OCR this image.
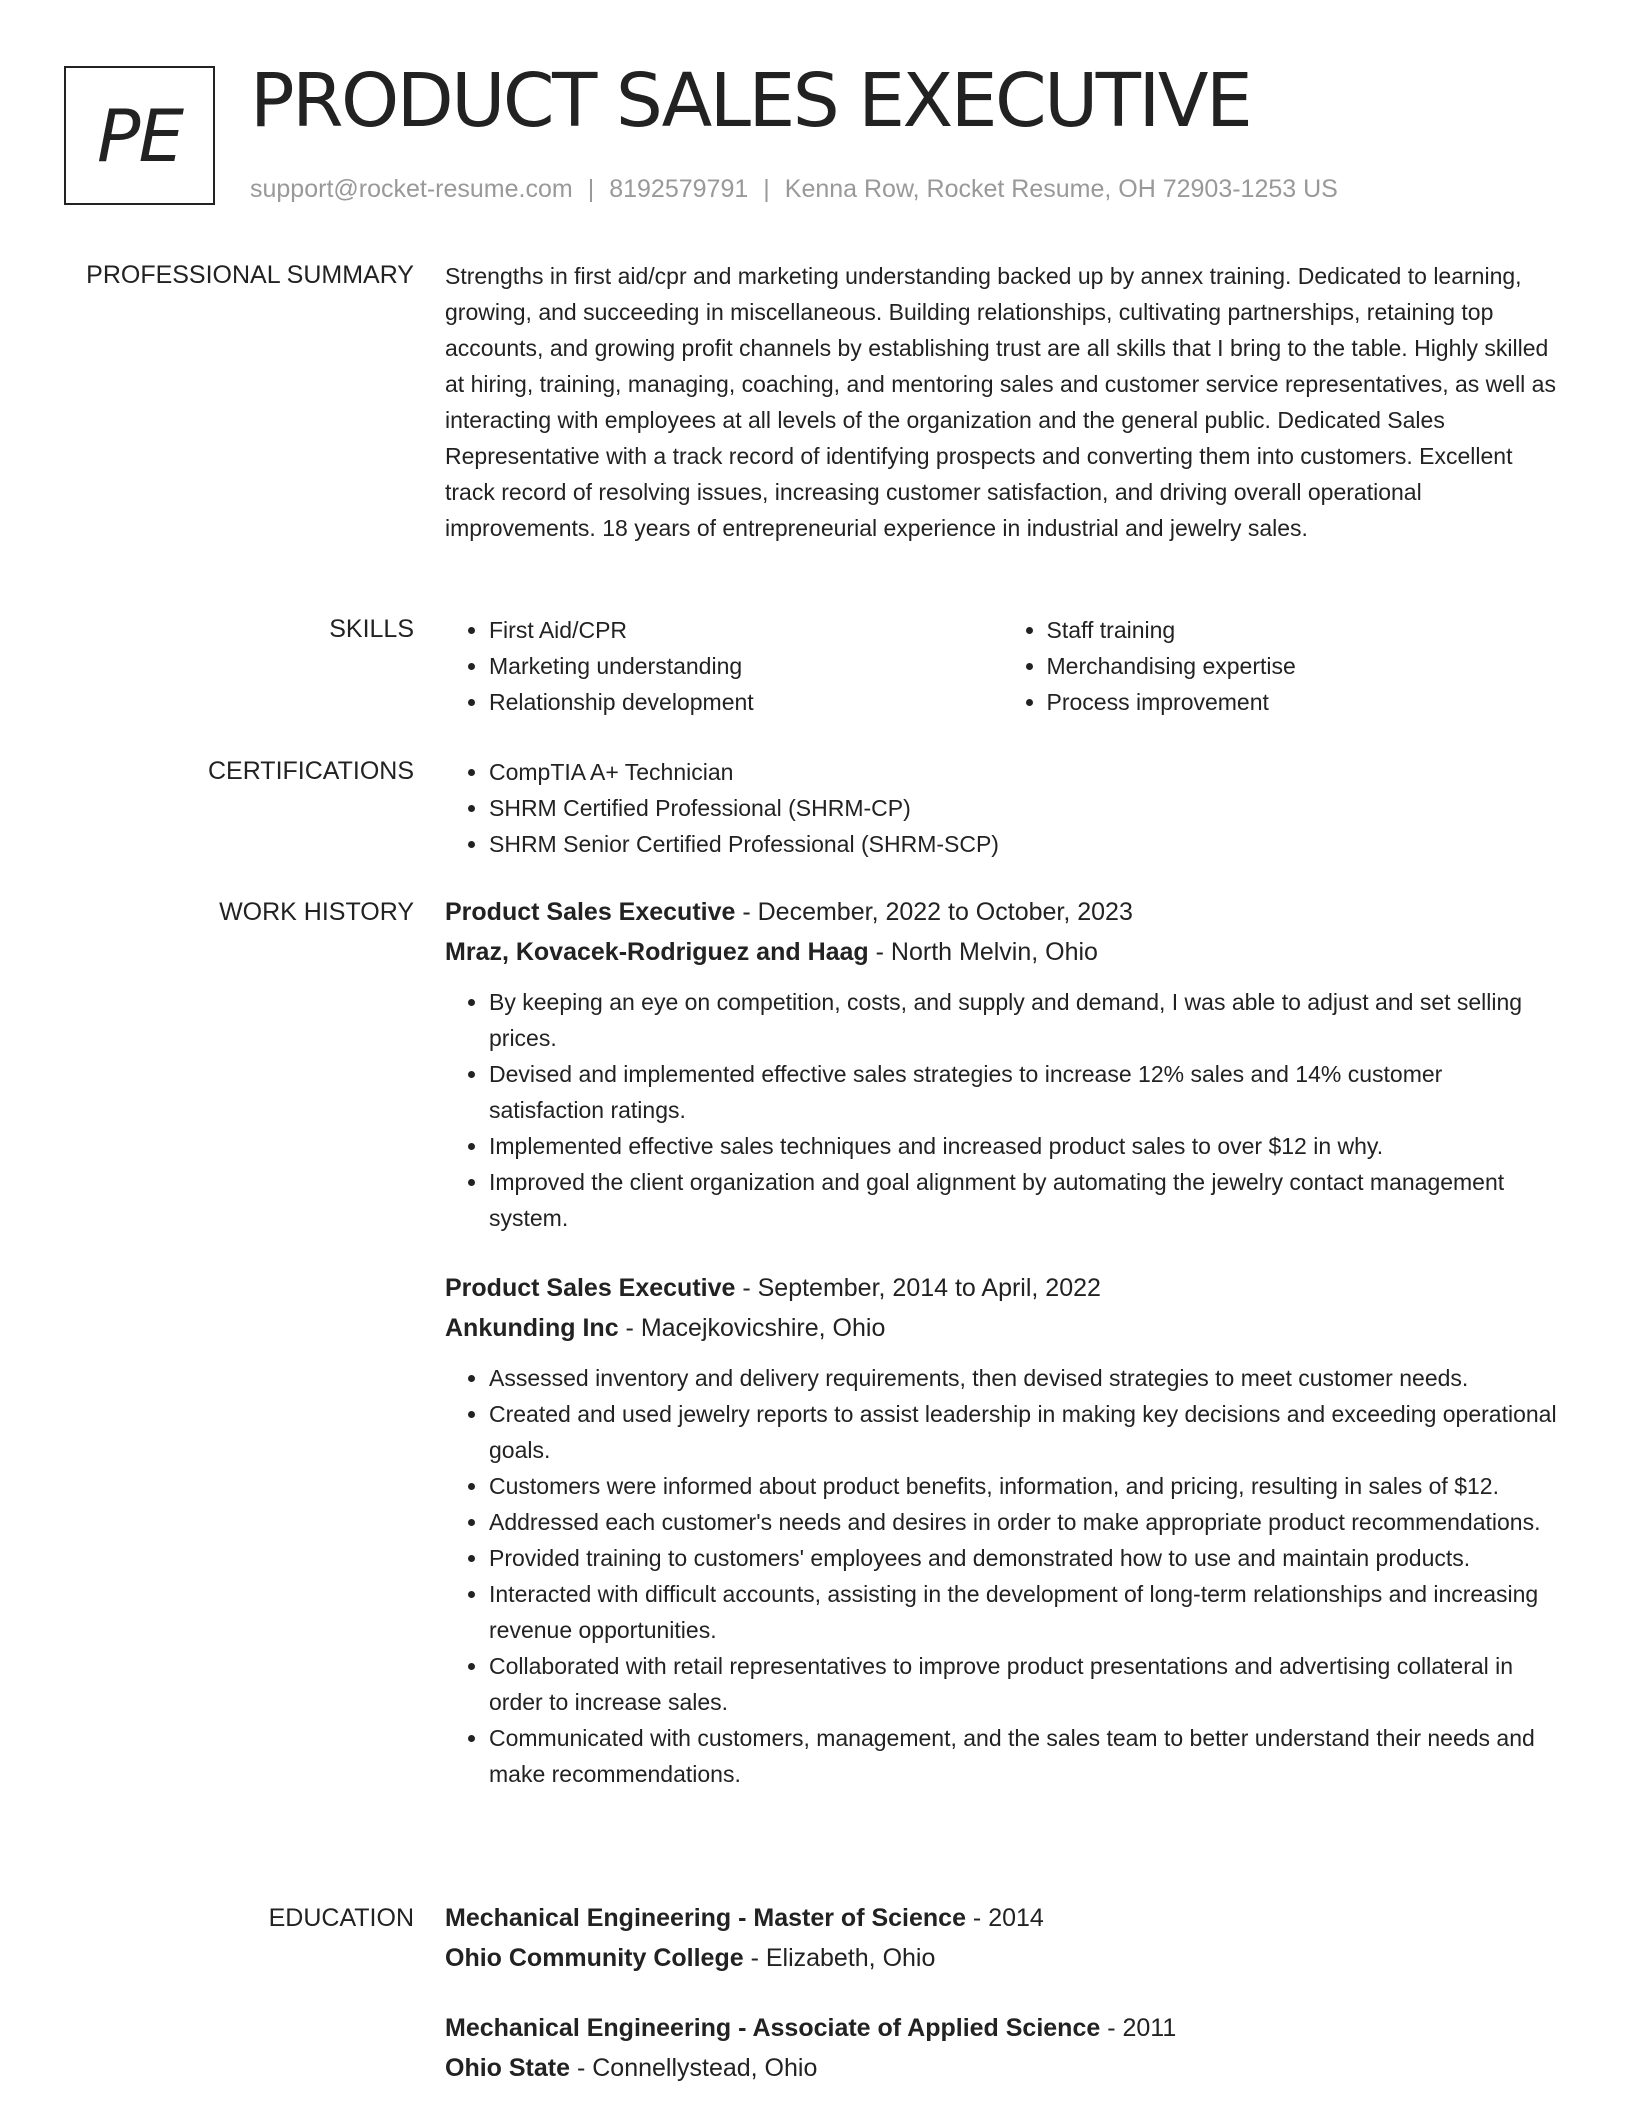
PE PRODUCT SALES EXECUTIVE
support@rocket-resume.com | 8192579791 | Kenna Row, Rocket Resume, OH 72903-1253 US
PROFESSIONAL SUMMARY Strengths in first aid/cpr and marketing understanding backed up by annex training. Dedicated to learning, growing, and succeeding in miscellaneous. Building relationships, cultivating partnerships, retaining top accounts, and growing profit channels by establishing trust are all skills that I bring to the table. Highly skilled at hiring, training, managing, coaching, and mentoring sales and customer service representatives, as well as interacting with employees at all levels of the organization and the general public. Dedicated Sales Representative with a track record of identifying prospects and converting them into customers. Excellent track record of resolving issues, increasing customer satisfaction, and driving overall operational improvements. 18 years of entrepreneurial experience in industrial and jewelry sales.

SKILLS	• First Aid/CPR
• Marketing understanding
• Relationship development
• Staff training
• Merchandising expertise
• Process improvement
CERTIFICATIONS	• CompTIA A+ Technician
• SHRM Certified Professional (SHRM-CP)
• SHRM Senior Certified Professional (SHRM-SCP)
WORK HISTORY Product Sales Executive - December, 2022 to October, 2023
Mraz, Kovacek-Rodriguez and Haag - North Melvin, Ohio
• By keeping an eye on competition, costs, and supply and demand, I was able to adjust and set selling prices.
• Devised and implemented effective sales strategies to increase 12% sales and 14% customer satisfaction ratings.
• Implemented effective sales techniques and increased product sales to over $12 in why.
• Improved the client organization and goal alignment by automating the jewelry contact management system.
Product Sales Executive - September, 2014 to April, 2022
Ankunding Inc - Macejkovicshire, Ohio
• Assessed inventory and delivery requirements, then devised strategies to meet customer needs.
• Created and used jewelry reports to assist leadership in making key decisions and exceeding operational goals.
• Customers were informed about product benefits, information, and pricing, resulting in sales of $12.
• Addressed each customer's needs and desires in order to make appropriate product recommendations.
• Provided training to customers' employees and demonstrated how to use and maintain products.
• Interacted with difficult accounts, assisting in the development of long-term relationships and increasing revenue opportunities.
• Collaborated with retail representatives to improve product presentations and advertising collateral in order to increase sales.
• Communicated with customers, management, and the sales team to better understand their needs and make recommendations.
EDUCATION Mechanical Engineering - Master of Science - 2014
Ohio Community College - Elizabeth, Ohio
Mechanical Engineering - Associate of Applied Science - 2011
Ohio State - Connellystead, Ohio
